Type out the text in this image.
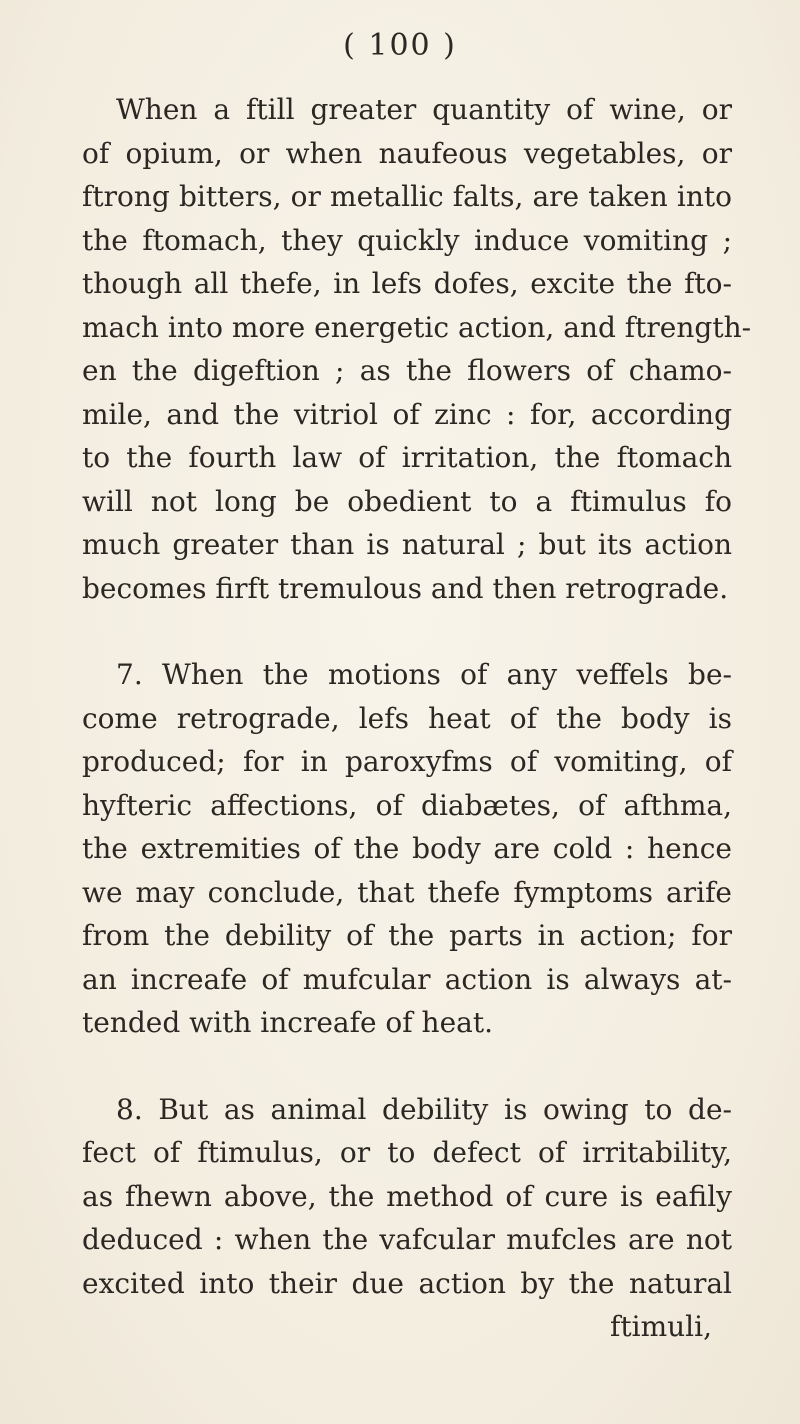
( 100 )
When a ftill greater quantity of wine, or
of opium, or when naufeous vegetables, or
ftrong bitters, or metallic falts, are taken into
the ftomach, they quickly induce vomiting ;
though all thefe, in lefs dofes, excite the fto-
mach into more energetic action, and ftrength-
en the digeftion ; as the flowers of chamo-
mile, and the vitriol of zinc : for, according
to the fourth law of irritation, the ftomach
will not long be obedient to a ftimulus fo
much greater than is natural ; but its action
becomes firft tremulous and then retrograde.
7. When the motions of any veffels be-
come retrograde, lefs heat of the body is
produced; for in paroxyfms of vomiting, of
hyfteric affections, of diabætes, of afthma,
the extremities of the body are cold : hence
we may conclude, that thefe fymptoms arife
from the debility of the parts in action; for
an increafe of mufcular action is always at-
tended with increafe of heat.
8. But as animal debility is owing to de-
fect of ftimulus, or to defect of irritability,
as fhewn above, the method of cure is eafily
deduced : when the vafcular mufcles are not
excited into their due action by the natural
ftimuli,
